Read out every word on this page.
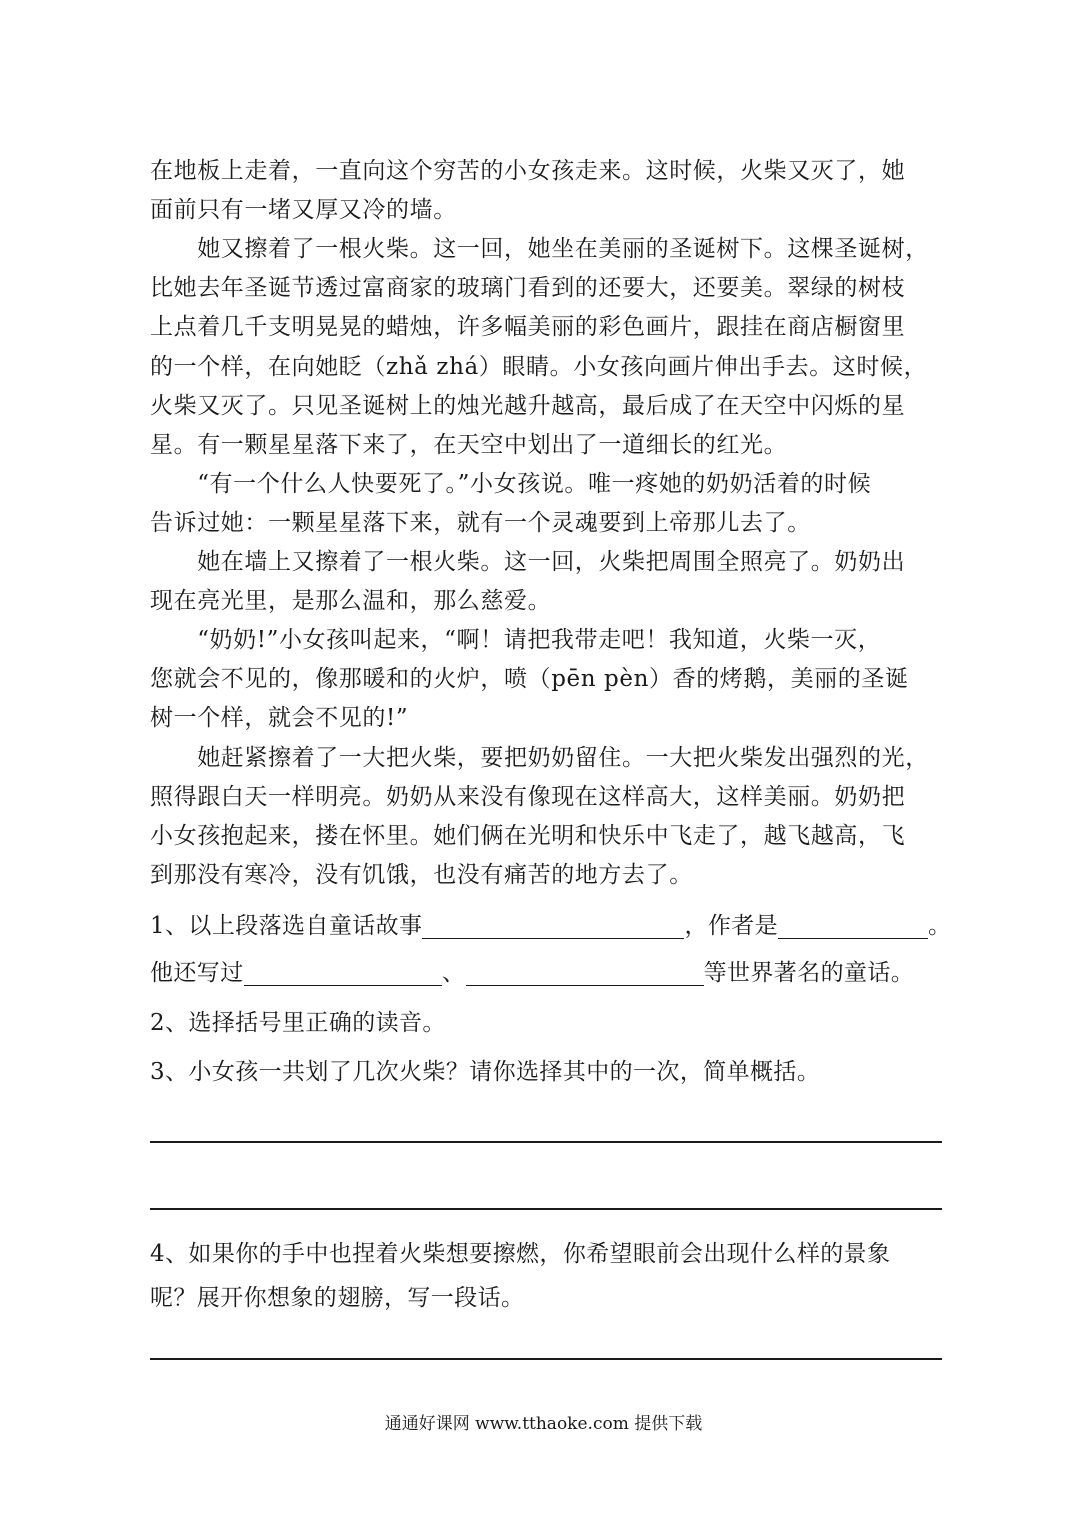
在地板上走着，一直向这个穷苦的小女孩走来。这时候，火柴又灭了，她
面前只有一堵又厚又冷的墙。
　　她又擦着了一根火柴。这一回，她坐在美丽的圣诞树下。这棵圣诞树，
比她去年圣诞节透过富商家的玻璃门看到的还要大，还要美。翠绿的树枝
上点着几千支明晃晃的蜡烛，许多幅美丽的彩色画片，跟挂在商店橱窗里
的一个样，在向她眨（zhǎ zhá）眼睛。小女孩向画片伸出手去。这时候，
火柴又灭了。只见圣诞树上的烛光越升越高，最后成了在天空中闪烁的星
星。有一颗星星落下来了，在天空中划出了一道细长的红光。
　　“有一个什么人快要死了。”小女孩说。唯一疼她的奶奶活着的时候
告诉过她：一颗星星落下来，就有一个灵魂要到上帝那儿去了。
　　她在墙上又擦着了一根火柴。这一回，火柴把周围全照亮了。奶奶出
现在亮光里，是那么温和，那么慈爱。
　　“奶奶!”小女孩叫起来，“啊！请把我带走吧！我知道，火柴一灭，
您就会不见的，像那暖和的火炉，喷（pēn pèn）香的烤鹅，美丽的圣诞
树一个样，就会不见的!”
　　她赶紧擦着了一大把火柴，要把奶奶留住。一大把火柴发出强烈的光，
照得跟白天一样明亮。奶奶从来没有像现在这样高大，这样美丽。奶奶把
小女孩抱起来，搂在怀里。她们俩在光明和快乐中飞走了，越飞越高，飞
到那没有寒冷，没有饥饿，也没有痛苦的地方去了。
1、以上段落选自童话故事	，作者是	。
他还写过	、	等世界著名的童话。
2、选择括号里正确的读音。
3、小女孩一共划了几次火柴？请你选择其中的一次，简单概括。
4、如果你的手中也捏着火柴想要擦燃，你希望眼前会出现什么样的景象
呢？展开你想象的翅膀，写一段话。
通通好课网 www.tthaoke.com 提供下载
